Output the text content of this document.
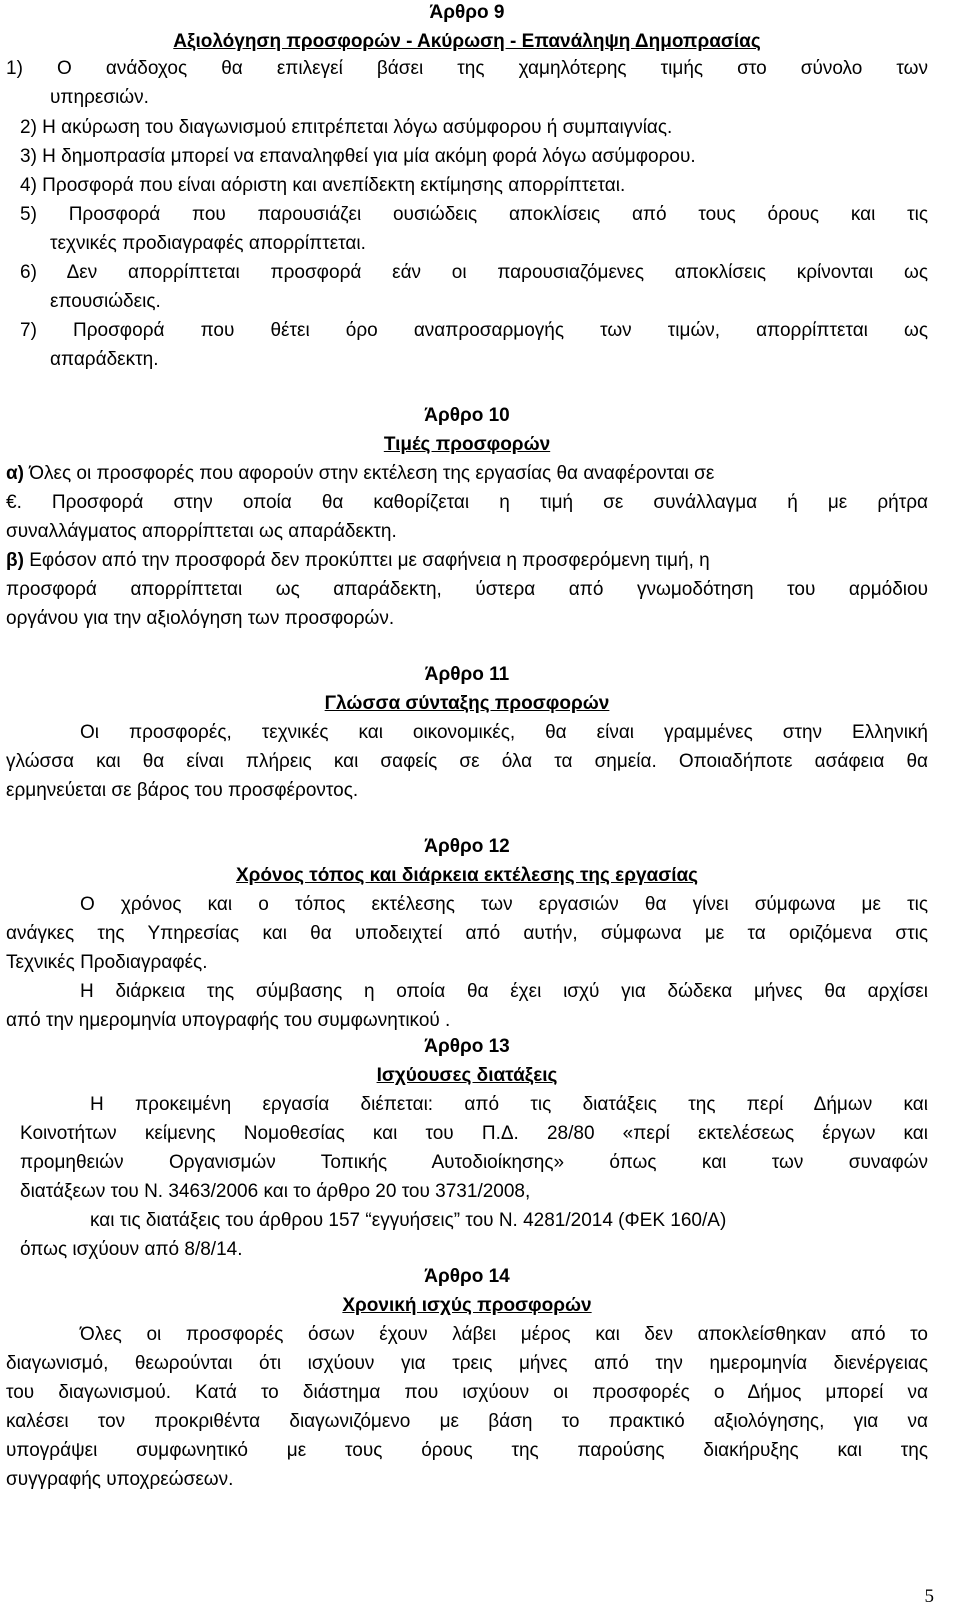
Άρθρο 9
Αξιολόγηση προσφορών - Ακύρωση - Επανάληψη Δημοπρασίας
1) Ο ανάδοχος θα επιλεγεί βάσει της χαμηλότερης τιμής στο σύνολο των
υπηρεσιών.
2) Η ακύρωση του διαγωνισμού επιτρέπεται λόγω ασύμφορου ή συμπαιγνίας.
3) Η δημοπρασία μπορεί να επαναληφθεί για μία ακόμη φορά λόγω ασύμφορου.
4) Προσφορά που είναι αόριστη και ανεπίδεκτη εκτίμησης απορρίπτεται.
5) Προσφορά που παρουσιάζει ουσιώδεις αποκλίσεις από τους όρους και τις
τεχνικές προδιαγραφές απορρίπτεται.
6) Δεν απορρίπτεται προσφορά εάν οι παρουσιαζόμενες αποκλίσεις κρίνονται ως
επουσιώδεις.
7) Προσφορά που θέτει όρο αναπροσαρμογής των τιμών, απορρίπτεται ως
απαράδεκτη.
Άρθρο 10
Τιμές προσφορών
α) Όλες οι προσφορές που αφορούν στην εκτέλεση της εργασίας θα αναφέρονται σε
€. Προσφορά στην οποία θα καθορίζεται η τιμή σε συνάλλαγμα ή με ρήτρα
συναλλάγματος απορρίπτεται ως απαράδεκτη.
β) Εφόσον από την προσφορά δεν προκύπτει με σαφήνεια η προσφερόμενη τιμή, η
προσφορά απορρίπτεται ως απαράδεκτη, ύστερα από γνωμοδότηση του αρμόδιου
οργάνου για την αξιολόγηση των προσφορών.
Άρθρο 11
Γλώσσα σύνταξης προσφορών
Οι προσφορές, τεχνικές και οικονομικές, θα είναι γραμμένες στην Ελληνική
γλώσσα και θα είναι πλήρεις και σαφείς σε όλα τα σημεία. Οποιαδήποτε ασάφεια θα
ερμηνεύεται σε βάρος του προσφέροντος.
Άρθρο 12
Χρόνος τόπος και διάρκεια εκτέλεσης της εργασίας
Ο χρόνος και ο τόπος εκτέλεσης των εργασιών θα γίνει σύμφωνα με τις
ανάγκες της Υπηρεσίας και θα υποδειχτεί από αυτήν, σύμφωνα με τα οριζόμενα στις
Τεχνικές Προδιαγραφές.
Η διάρκεια της σύμβασης η οποία θα έχει ισχύ για δώδεκα μήνες θα αρχίσει
από την ημερομηνία υπογραφής του συμφωνητικού .
Άρθρο 13
Ισχύουσες διατάξεις
Η προκειμένη εργασία διέπεται: από τις διατάξεις της περί Δήμων και
Κοινοτήτων κείμενης Νομοθεσίας και του Π.Δ. 28/80 «περί εκτελέσεως έργων και
προμηθειών Οργανισμών Τοπικής Αυτοδιοίκησης» όπως και των συναφών
διατάξεων του Ν. 3463/2006 και το άρθρο 20 του 3731/2008,
και τις διατάξεις του άρθρου 157 “εγγυήσεις” του Ν. 4281/2014 (ΦΕΚ 160/Α)
όπως ισχύουν από 8/8/14.
Άρθρο 14
Χρονική ισχύς προσφορών
Όλες οι προσφορές όσων έχουν λάβει μέρος και δεν αποκλείσθηκαν από το
διαγωνισμό, θεωρούνται ότι ισχύουν για τρεις μήνες από την ημερομηνία διενέργειας
του διαγωνισμού. Κατά το διάστημα που ισχύουν οι προσφορές ο Δήμος μπορεί να
καλέσει τον προκριθέντα διαγωνιζόμενο με βάση το πρακτικό αξιολόγησης, για να
υπογράψει συμφωνητικό με τους όρους της παρούσης διακήρυξης και της
συγγραφής υποχρεώσεων.
5
